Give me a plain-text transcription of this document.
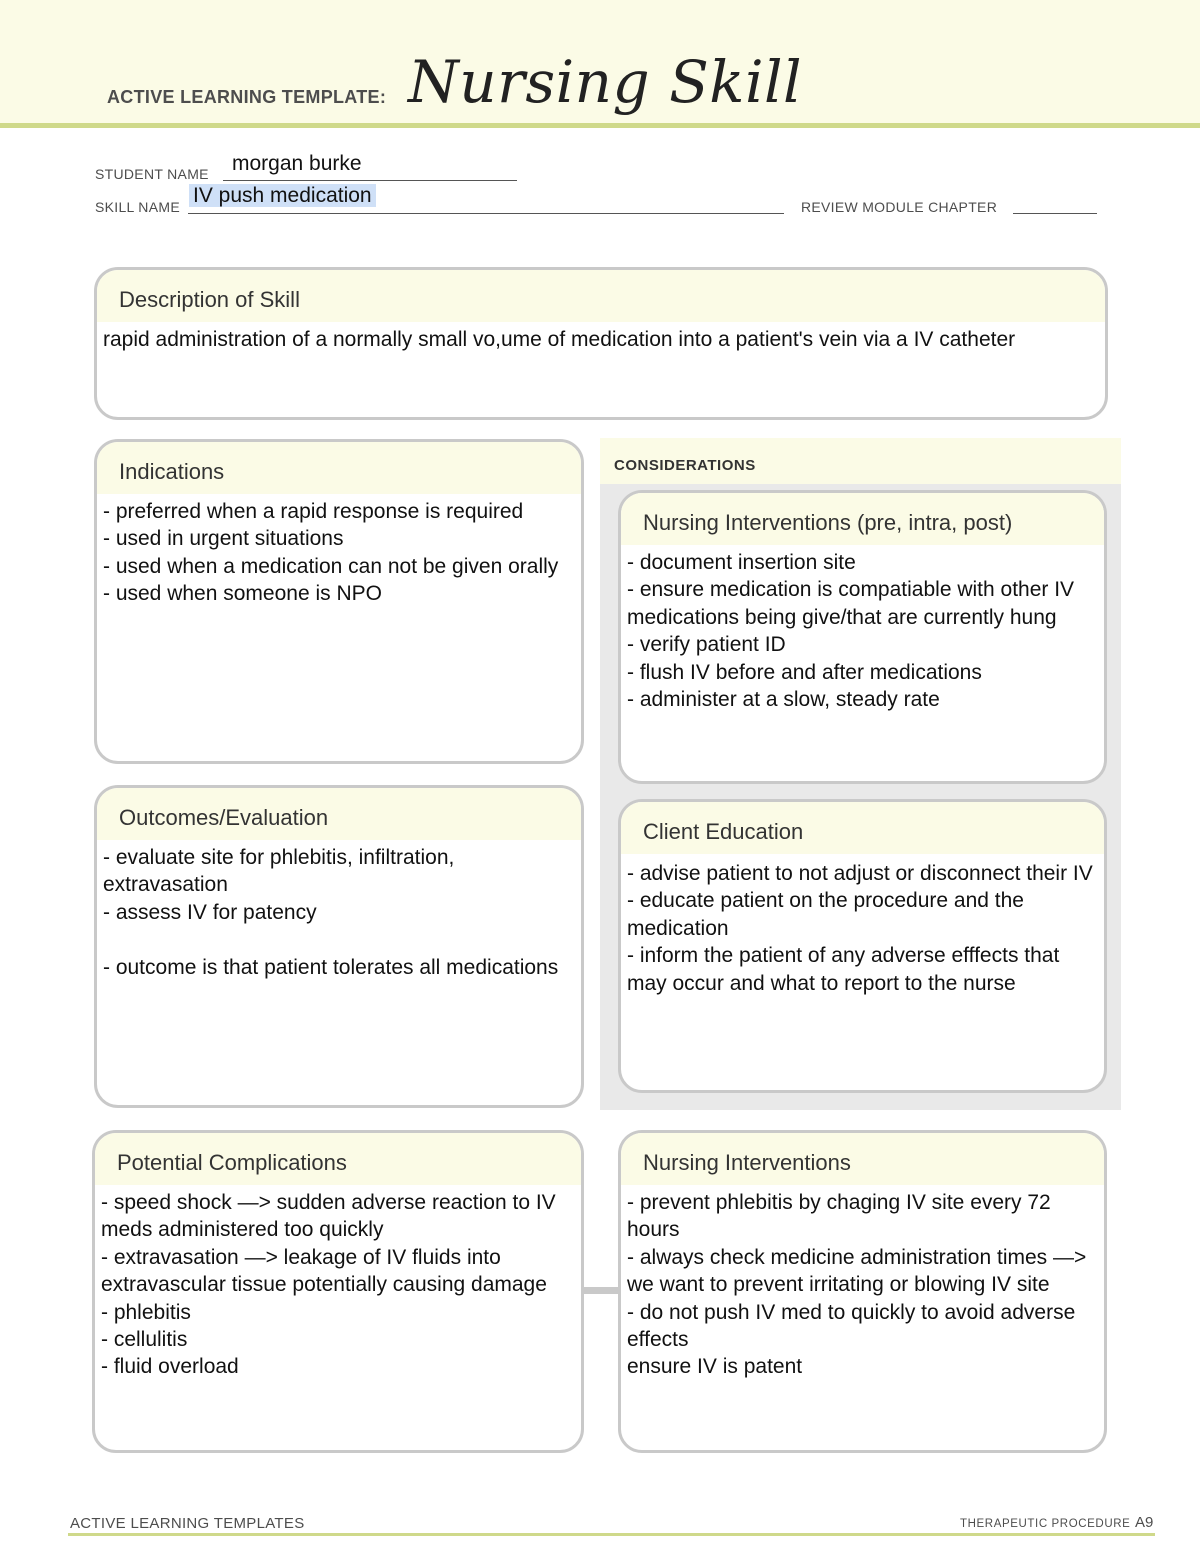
ACTIVE LEARNING TEMPLATE: Nursing Skill
STUDENT NAME morgan burke
SKILL NAME IV push medication	REVIEW MODULE CHAPTER
Description of Skill
rapid administration of a normally small vo,ume of medication into a patient's vein via a IV catheter
CONSIDERATIONS
Indications
- preferred when a rapid response is required
- used in urgent situations
- used when a medication can not be given orally
- used when someone is NPO
Nursing Interventions (pre, intra, post)
- document insertion site
- ensure medication is compatiable with other IV medications being give/that are currently hung
- verify patient ID
- flush IV before and after medications
- administer at a slow, steady rate
Outcomes/Evaluation
- evaluate site for phlebitis, infiltration, extravasation
- assess IV for patency

- outcome is that patient tolerates all medications
Client Education
- advise patient to not adjust or disconnect their IV
- educate patient on the procedure and the medication
- inform the patient of any adverse efffects that may occur and what to report to the nurse
Potential Complications
- speed shock —> sudden adverse reaction to IV meds administered too quickly
- extravasation —> leakage of IV fluids into extravascular tissue potentially causing damage
- phlebitis
- cellulitis
- fluid overload
Nursing Interventions
- prevent phlebitis by chaging IV site every 72 hours
- always check medicine administration times —> we want to prevent irritating or blowing IV site
- do not push IV med to quickly to avoid adverse effects
ensure IV is patent
ACTIVE LEARNING TEMPLATES	THERAPEUTIC PROCEDURE A9
